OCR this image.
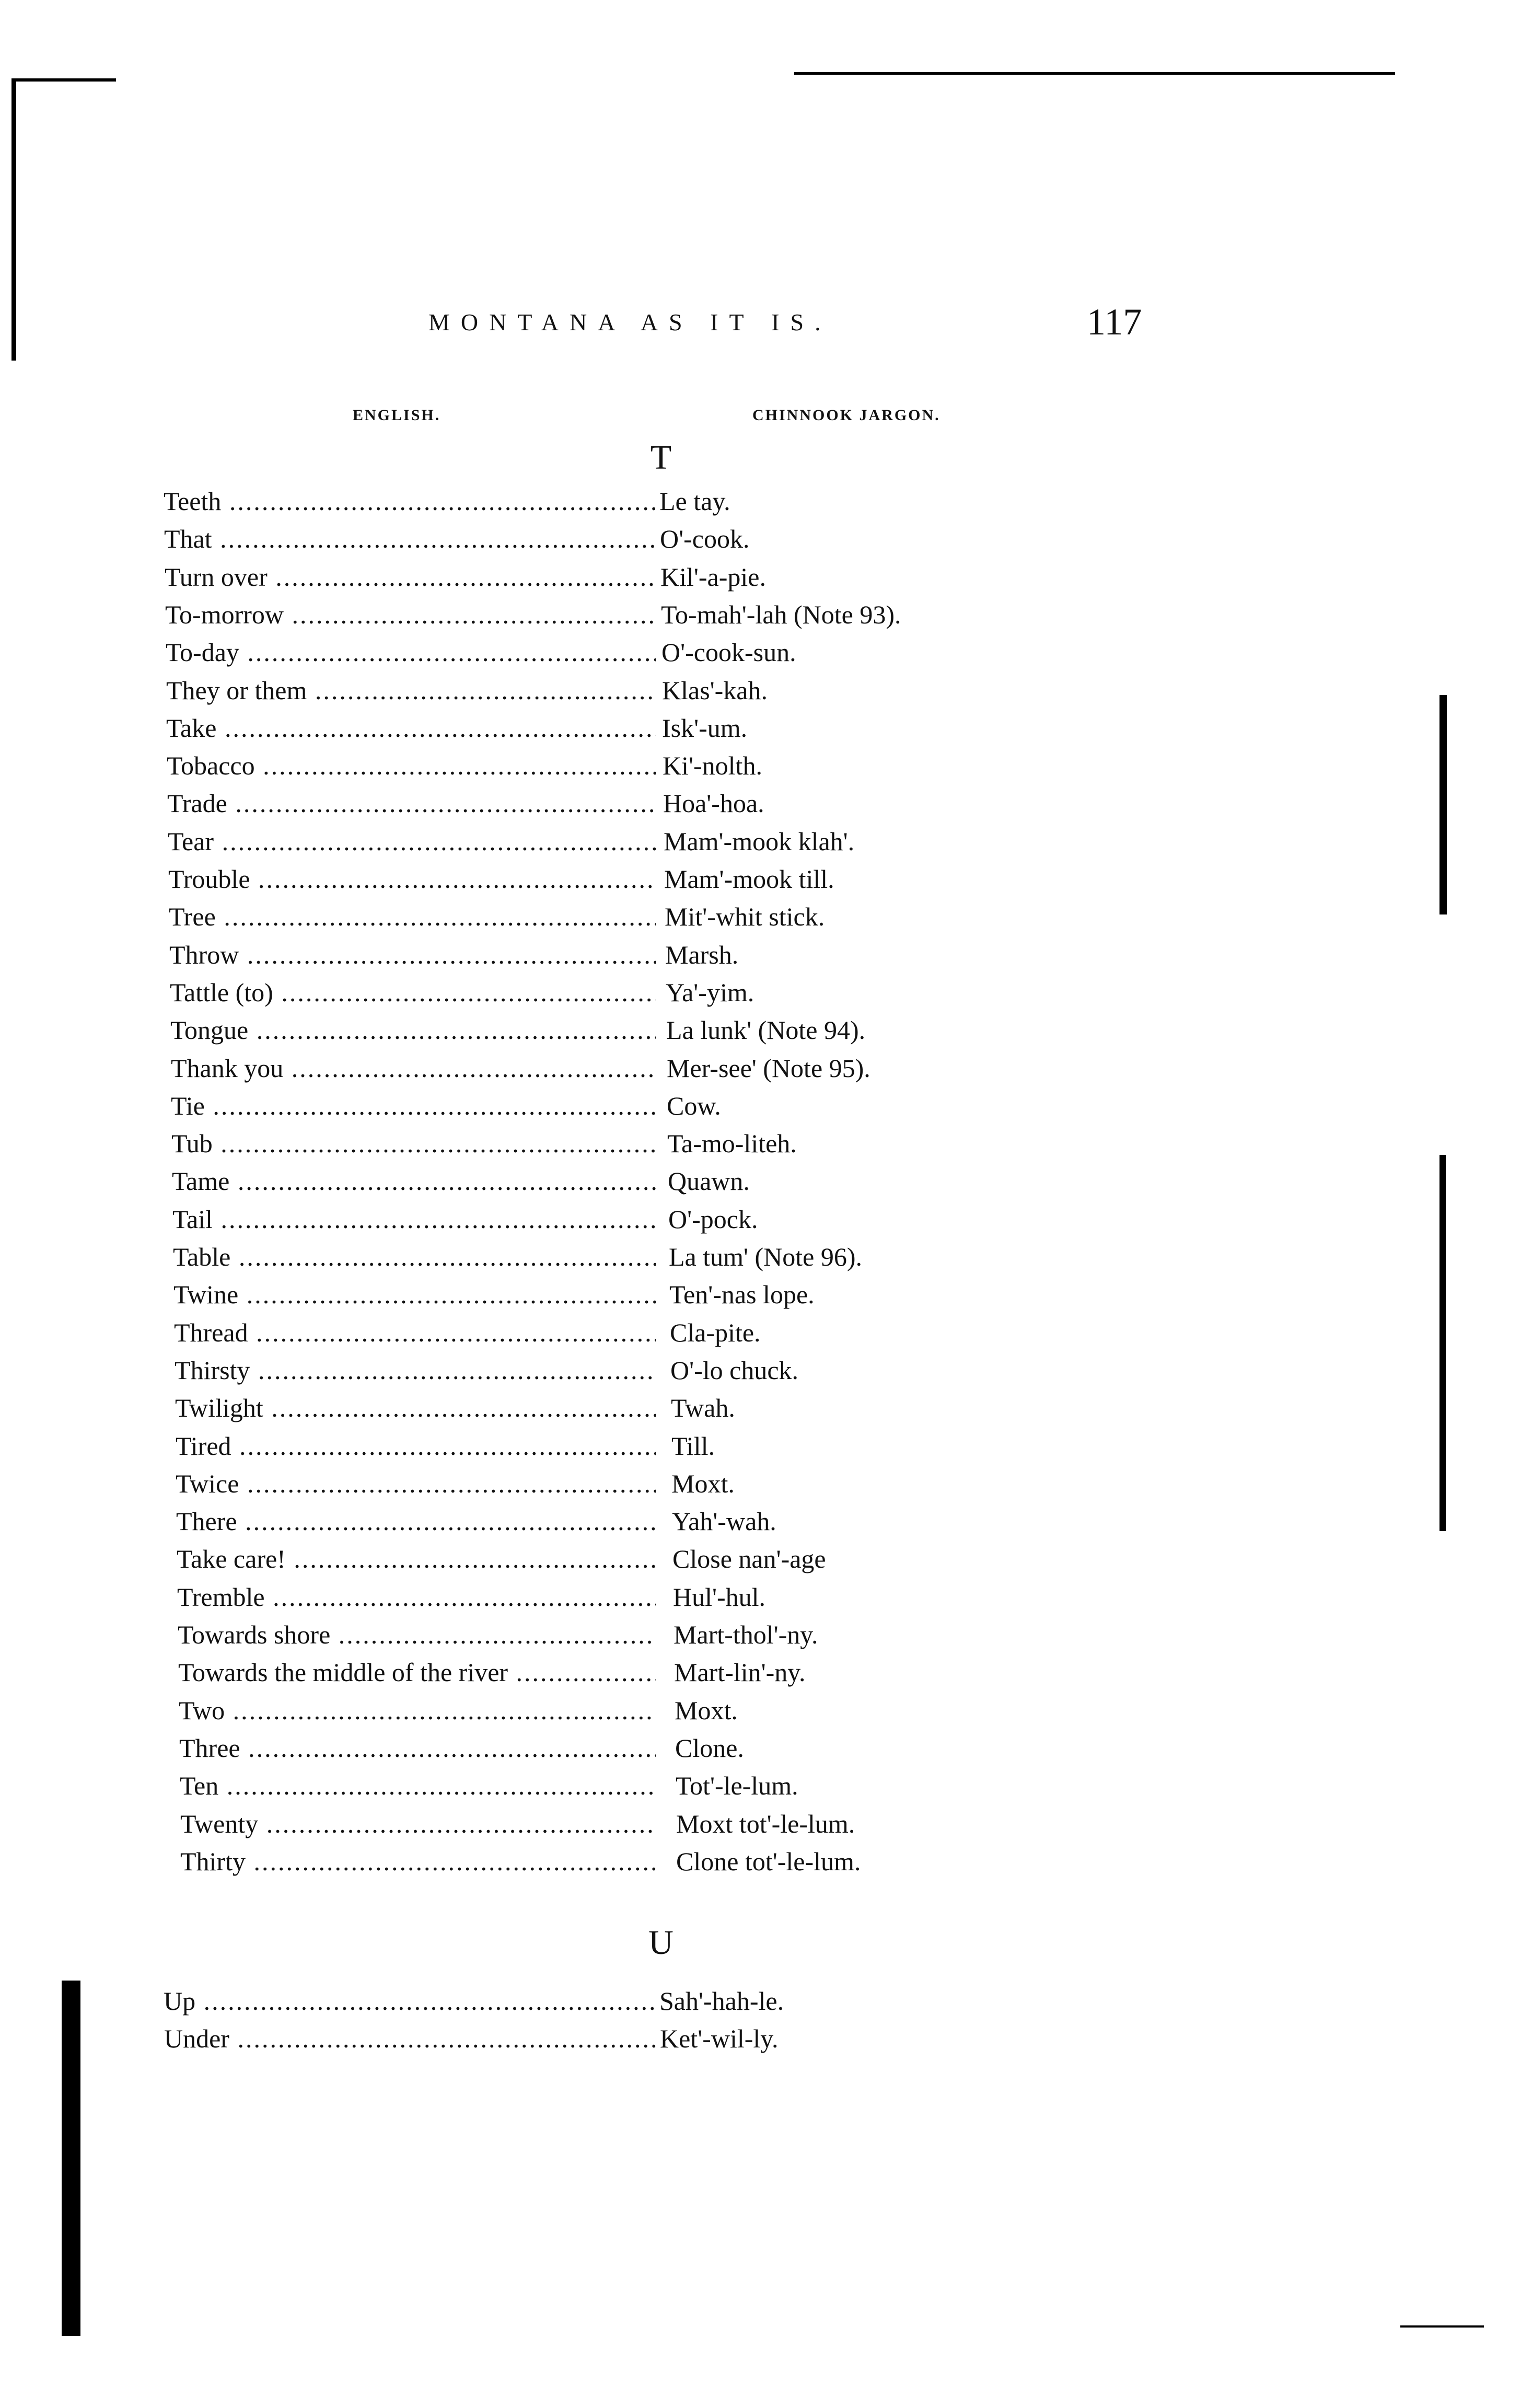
MONTANA AS IT IS.	117
ENGLISH.	CHINNOOK JARGON.
T
Teeth .....	Le tay.
That .....	O'-cook.
Turn over .....	Kil'-a-pie.
To-morrow .....	To-mah'-lah (Note 93).
To-day .....	O'-cook-sun.
They or them .....	Klas'-kah.
Take .....	Isk'-um.
Tobacco .....	Ki'-nolth.
Trade .....	Hoa'-hoa.
Tear .....	Mam'-mook klah'.
Trouble .....	Mam'-mook till.
Tree .....	Mit'-whit stick.
Throw .....	Marsh.
Tattle (to) .....	Ya'-yim.
Tongue .....	La lunk' (Note 94).
Thank you .....	Mer-see' (Note 95).
Tie .....	Cow.
Tub .....	Ta-mo-liteh.
Tame .....	Quawn.
Tail .....	O'-pock.
Table .....	La tum' (Note 96).
Twine .....	Ten'-nas lope.
Thread .....	Cla-pite.
Thirsty .....	O'-lo chuck.
Twilight .....	Twah.
Tired .....	Till.
Twice .....	Moxt.
There .....	Yah'-wah.
Take care! .....	Close nan'-age
Tremble .....	Hul'-hul.
Towards shore .....	Mart-thol'-ny.
Towards the middle of the river .....	Mart-lin'-ny.
Two .....	Moxt.
Three .....	Clone.
Ten .....	Tot'-le-lum.
Twenty .....	Moxt tot'-le-lum.
Thirty .....	Clone tot'-le-lum.
U
Up .....	Sah'-hah-le.
Under .....	Ket'-wil-ly.
